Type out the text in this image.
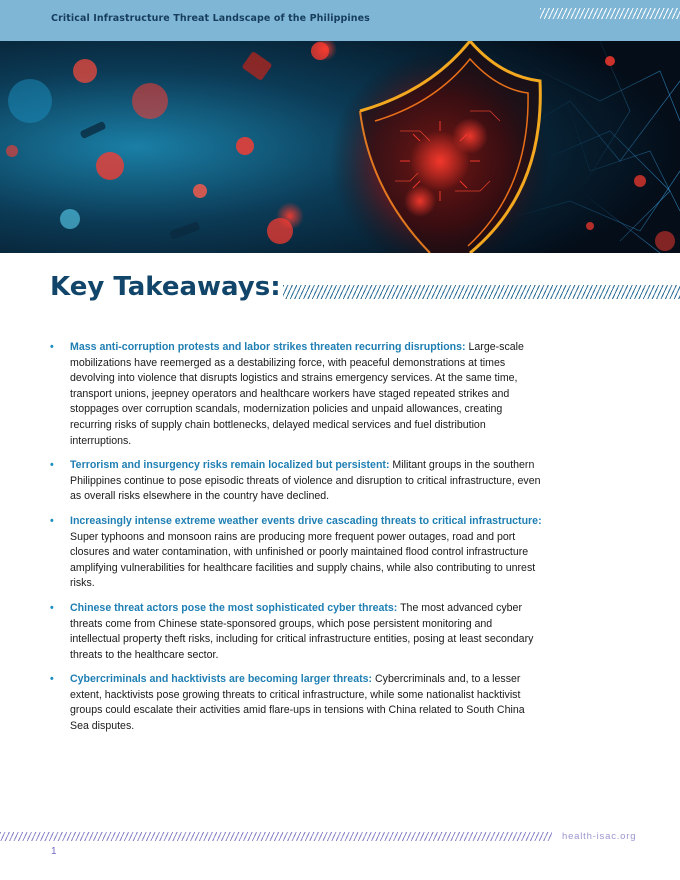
Critical Infrastructure Threat Landscape of the Philippines
Key Takeaways:
• Mass anti-corruption protests and labor strikes threaten recurring disruptions: Large-scale mobilizations have reemerged as a destabilizing force, with peaceful demonstrations at times devolving into violence that disrupts logistics and strains emergency services. At the same time, transport unions, jeepney operators and healthcare workers have staged repeated strikes and stoppages over corruption scandals, modernization policies and unpaid allowances, creating recurring risks of supply chain bottlenecks, delayed medical services and fuel distribution interruptions.
• Terrorism and insurgency risks remain localized but persistent: Militant groups in the southern Philippines continue to pose episodic threats of violence and disruption to critical infrastructure, even as overall risks elsewhere in the country have declined.
• Increasingly intense extreme weather events drive cascading threats to critical infrastructure: Super typhoons and monsoon rains are producing more frequent power outages, road and port closures and water contamination, with unfinished or poorly maintained flood control infrastructure amplifying vulnerabilities for healthcare facilities and supply chains, while also contributing to unrest risks.
• Chinese threat actors pose the most sophisticated cyber threats: The most advanced cyber threats come from Chinese state-sponsored groups, which pose persistent monitoring and intellectual property theft risks, including for critical infrastructure entities, posing at least secondary threats to the healthcare sector.
• Cybercriminals and hacktivists are becoming larger threats: Cybercriminals and, to a lesser extent, hacktivists pose growing threats to critical infrastructure, while some nationalist hacktivist groups could escalate their activities amid flare-ups in tensions with China related to South China Sea disputes.
health-isac.org
1
